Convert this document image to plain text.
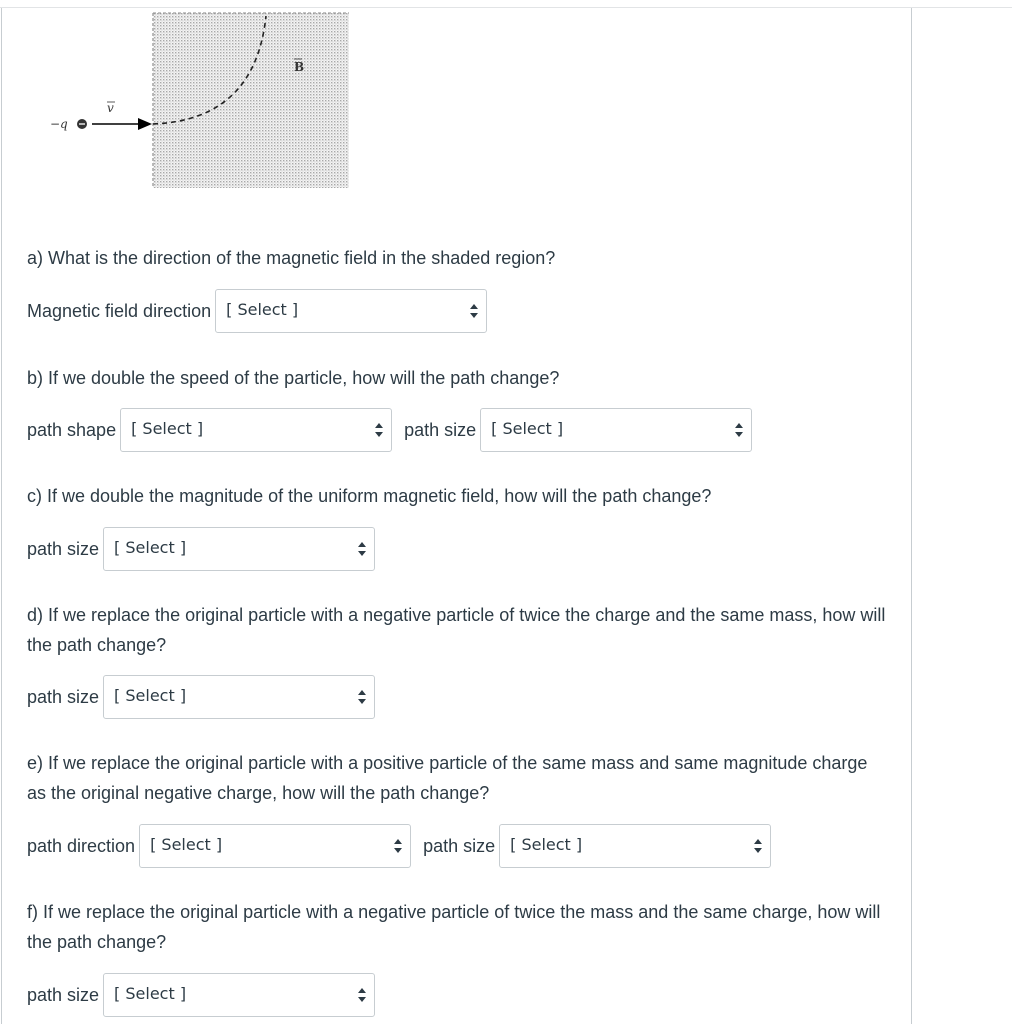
−q
v
B

a) What is the direction of the magnetic field in the shaded region?

Magnetic field direction [ Select ]

b) If we double the speed of the particle, how will the path change?

path shape [ Select ]	path size [ Select ]

c) If we double the magnitude of the uniform magnetic field, how will the path change?

path size [ Select ]

d) If we replace the original particle with a negative particle of twice the charge and the same mass, how will the path change?

path size [ Select ]

e) If we replace the original particle with a positive particle of the same mass and same magnitude charge as the original negative charge, how will the path change?

path direction [ Select ]	path size [ Select ]

f) If we replace the original particle with a negative particle of twice the mass and the same charge, how will the path change?

path size [ Select ]
